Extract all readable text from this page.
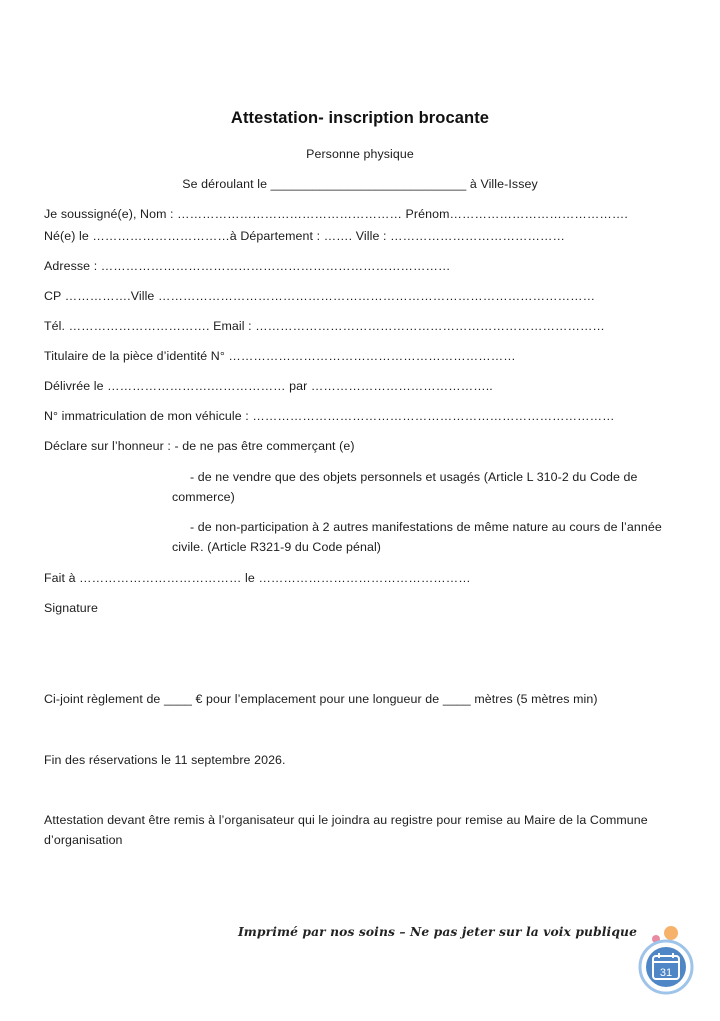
Attestation- inscription brocante
Personne physique
Se déroulant le ____________________________ à Ville-Issey
Je soussigné(e), Nom : ……………………………………………… Prénom…………………………………….
Né(e) le ……………………………à Département : ……. Ville : ……………………………………
Adresse : …………………………………………………………………………
CP …………….Ville ……………………………………………………………………………………………
Tél. ……………………………. Email : …………………………………………………………………………
Titulaire de la pièce d’identité N° ……………………………………………………………
Délivrée le …………………….……………… par ……………………………………..
N° immatriculation de mon véhicule : ……………………………………………………………………………
Déclare sur l’honneur : - de ne pas être commerçant (e)
- de ne vendre que des objets personnels et usagés (Article L 310-2 du Code de commerce)
- de non-participation à 2 autres manifestations de même nature au cours de l’année civile. (Article R321-9 du Code pénal)
Fait à ………………………………… le ……………………………………………
Signature
Ci-joint règlement de ____ € pour l’emplacement pour une longueur de ____ mètres (5 mètres min)
Fin des réservations le 11 septembre 2026.
Attestation devant être remis à l’organisateur qui le joindra au registre pour remise au Maire de la Commune d’organisation
Imprimé par nos soins – Ne pas jeter sur la voix publique
31
